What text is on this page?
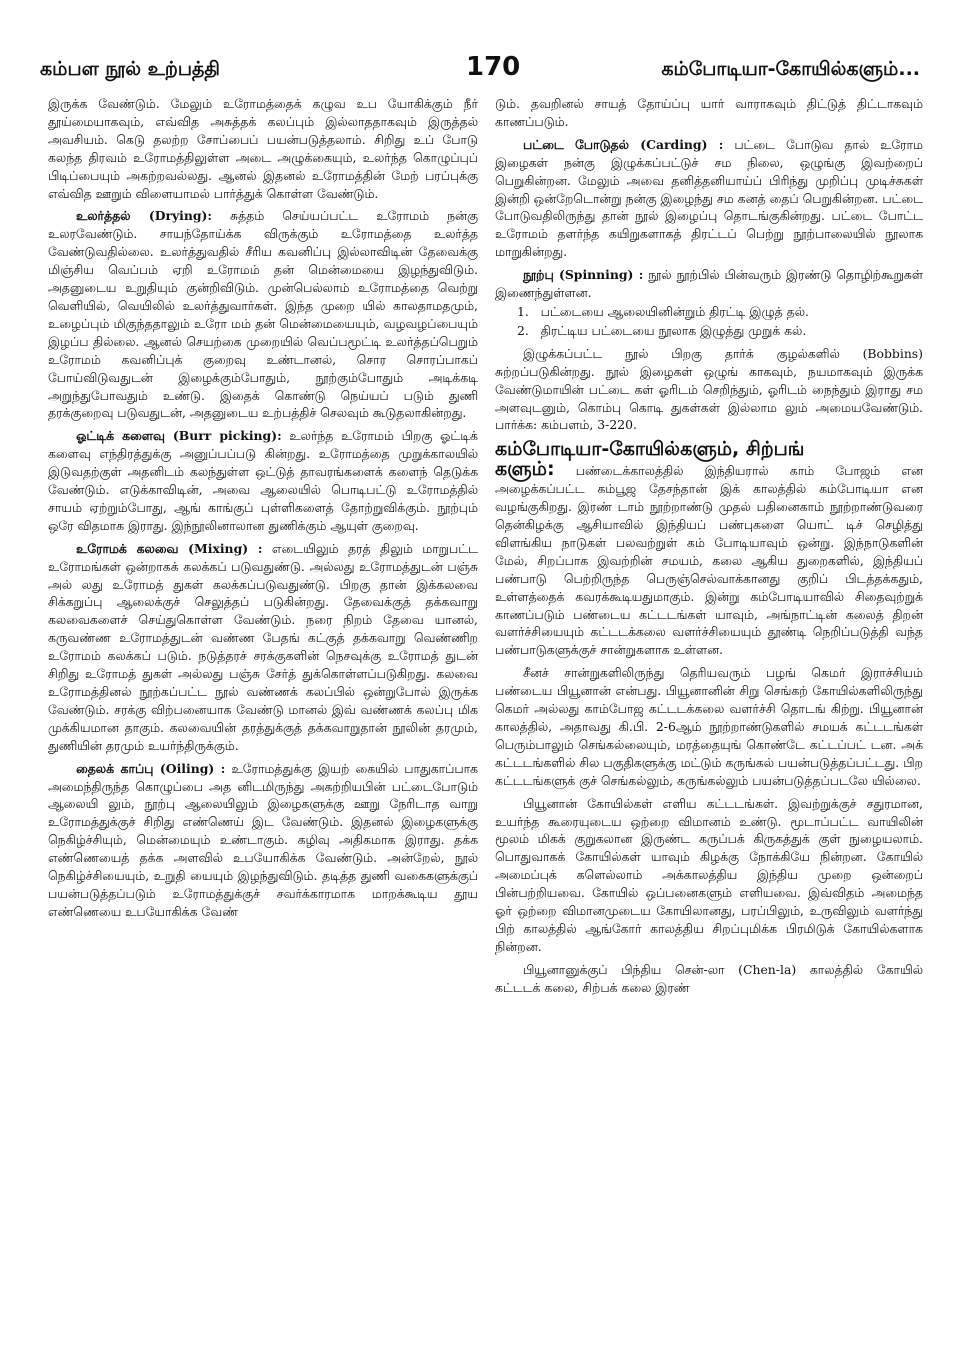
கம்பள நூல் உற்பத்தி	170	கம்போடியா-கோயில்களும்...

இருக்க வேண்டும். மேலும் உரோமத்தைக் கழுவ உப யோகிக்கும் நீர் தூய்மையாகவும், எவ்வித அசுத்தக் கலப்பும் இல்லாததாகவும் இருத்தல் அவசியம். கெடு தலற்ற சோப்பைப் பயன்படுத்தலாம். சிறிது உப் போடு கலந்த திரவம் உரோமத்திலுள்ள அடை அழுக்கையும், உலர்ந்த கொழுப்புப் பிடிப்பையும் அகற்றவல்லது. ஆனல் இதனல் உரோமத்தின் மேற் பரப்புக்கு எவ்வித ஊறும் விளையாமல் பார்த்துக் கொள்ள வேண்டும்.

உலர்த்தல் (Drying): சுத்தம் செய்யப்பட்ட உரோமம் நன்கு உலரவேண்டும். சாயந்தோய்க்க விருக்கும் உரோமத்தை உலர்த்த வேண்டுவதில்லை. உலர்த்துவதில் சீரிய கவனிப்பு இல்லாவிடின் தேவைக்கு மிஞ்சிய வெப்பம் ஏறி உரோமம் தன் மென்மையை இழந்துவிடும். அதனுடைய உறுதியும் குன்றிவிடும். முன்பெல்லாம் உரோமத்தை வெற்று வெளியில், வெயிலில் உலர்த்துவார்கள். இந்த முறை யில் காலதாமதமும், உழைப்பும் மிகுந்ததாலும் உரோ மம் தன் மென்மையையும், வழவழப்பையும் இழப்ப தில்லை. ஆனல் செயற்கை முறையில் வெப்பமூட்டி உலர்த்தப்பெறும் உரோமம் கவனிப்புக் குறைவு உண்டானல், சொர சொரப்பாகப் போய்விடுவதுடன் இழைக்கும்போதும், நூற்கும்போதும் அடிக்கடி அறுந்துபோவதும் உண்டு. இதைக் கொண்டு நெய்யப் படும் துணி தரக்குறைவு படுவதுடன், அதனுடைய உற்பத்திச் செலவும் கூடுதலாகின்றது.

ஓட்டிக் களைவு (Burr picking): உலர்ந்த உரோமம் பிறகு ஓட்டிக் களைவு எந்திரத்துக்கு அனுப்பப்படு கின்றது. உரோமத்தை முறுக்காலயில் இடுவதற்குள் அதனிடம் கலந்துள்ள ஒட்டுத் தாவரங்களைக் களைந் தெடுக்க வேண்டும். எடுக்காவிடின், அவை ஆலையில் பொடிபட்டு உரோமத்தில் சாயம் ஏற்றும்போது, ஆங் காங்குப் புள்ளிகளைத் தோற்றுவிக்கும். நூற்பும் ஒரே விதமாக இராது. இந்நூலினாலான துணிக்கும் ஆயுள் குறைவு.

உரோமக் கலவை (Mixing) : எடையிலும் தரத் திலும் மாறுபட்ட உரோமங்கள் ஒன்றாகக் கலக்கப் படுவதுண்டு. அல்லது உரோமத்துடன் பஞ்சு அல் லது உரோமத் துகள் கலக்கப்படுவதுண்டு. பிறகு தான் இக்கலவை சிக்கறுப்பு ஆலைக்குச் செலுத்தப் படுகின்றது. தேவைக்குத் தக்கவாறு கலவைகளைச் செய்துகொள்ள வேண்டும். நரை நிறம் தேவை யானல், கருவண்ண உரோமத்துடன் வண்ண பேதங் கட்குத் தக்கவாறு வெண்ணிற உரோமம் கலக்கப் படும். நடுத்தரச் சரக்குகளின் நெசவுக்கு உரோமத் துடன் சிறிது உரோமத் துகள் அல்லது பஞ்சு சேர்த் துக்கொள்ளப்படுகிறது. கலவை உரோமத்தினல் நூற்கப்பட்ட நூல் வண்ணக் கலப்பில் ஒன்றுபோல் இருக்க வேண்டும். சரக்கு விற்பனையாக வேண்டு மானல் இவ் வண்ணக் கலப்பு மிக முக்கியமான தாகும். கலவையின் தரத்துக்குத் தக்கவாறுதான் நூலின் தரமும், துணியின் தரமும் உயர்ந்திருக்கும்.

தைலக் காப்பு (Oiling) : உரோமத்துக்கு இயற் கையில் பாதுகாப்பாக அமைந்திருந்த கொழுப்பை அத னிடமிருந்து அகற்றியபின் பட்டைபோடும் ஆலையி லும், நூற்பு ஆலையிலும் இழைகளுக்கு ஊறு நேரிடாத வாறு உரோமத்துக்குச் சிறிது எண்ணெய் இட வேண்டும். இதனல் இழைகளுக்கு நெகிழ்ச்சியும், மென்மையும் உண்டாகும். கழிவு அதிகமாக இராது. தக்க எண்ணெயைத் தக்க அளவில் உபயோகிக்க வேண்டும். அன்றேல், நூல் நெகிழ்ச்சியையும், உறுதி யையும் இழந்துவிடும். தடித்த துணி வகைகளுக்குப் பயன்படுத்தப்படும் உரோமத்துக்குச் சவர்க்காரமாக மாறக்கூடிய தூய எண்ணெயை உபயோகிக்க வேண்

டும். தவறினல் சாயத் தோய்ப்பு யார் வாராகவும் திட்டுத் திட்டாகவும் காணப்படும்.

பட்டை போடுதல் (Carding) : பட்டை போடுவ தால் உரோம இழைகள் நன்கு இழுக்கப்பட்டுச் சம நிலை, ஒழுங்கு இவற்றைப் பெறுகின்றன. மேலும் அவை தனித்தனியாய்ப் பிரிந்து முறிப்பு முடிச்சுகள் இன்றி ஒன்றேடொன்று நன்கு இழைந்து சம கனத் தைப் பெறுகின்றன. பட்டை போடுவதிலிருந்து தான் நூல் இழைப்பு தொடங்குகின்றது. பட்டை போட்ட உரோமம் தளர்ந்த கயிறுகளாகத் திரட்டப் பெற்று நூற்பாலையில் நூலாக மாறுகின்றது.

நூற்பு (Spinning) : நூல் நூற்பில் பின்வரும் இரண்டு தொழிற்கூறுகள் இணைந்துள்ளன.

1. பட்டையை ஆலையினின்றும் திரட்டி இழுத் தல்.

2. திரட்டிய பட்டையை நூலாக இழுத்து முறுக் கல்.

இழுக்கப்பட்ட நூல் பிறகு தார்க் குழல்களில் (Bobbins) சுற்றப்படுகின்றது. நூல் இழைகள் ஒழுங் காகவும், நயமாகவும் இருக்க வேண்டுமாயின் பட்டை கள் ஓரிடம் செறிந்தும், ஓரிடம் நைந்தும் இராது சம அளவுடனும், கொம்பு கொடி துகள்கள் இல்லாம லும் அமையவேண்டும். பார்க்க: கம்பளம், 3-220.

கம்போடியா-கோயில்களும், சிற்பங்

களும்: பண்டைக்காலத்தில் இந்தியரால் காம் போஜம் என அழைக்கப்பட்ட கம்பூஜ தேசந்தான் இக் காலத்தில் கம்போடியா என வழங்குகிறது. இரண் டாம் நூற்றாண்டு முதல் பதினைகாம் நூற்றாண்டுவரை தென்கிழக்கு ஆசியாவில் இந்தியப் பண்புகளை யொட் டிச் செழித்து விளங்கிய நாடுகள் பலவற்றுள் கம் போடியாவும் ஒன்று. இந்நாடுகளின் மேல், சிறப்பாக இவற்றின் சமயம், கலை ஆகிய துறைகளில், இந்தியப் பண்பாடு பெற்றிருந்த பெருஞ்செல்வாக்கானது குறிப் பிடத்தக்கதும், உள்ளத்தைக் கவரக்கூடியதுமாகும். இன்று கம்போடியாவில் சிதைவுற்றுக் காணப்படும் பண்டைய கட்டடங்கள் யாவும், அங்நாட்டின் கலைத் திறன் வளர்ச்சியையும் கட்டடக்கலை வளர்ச்சியையும் தூண்டி நெறிப்படுத்தி வந்த பண்பாடுகளுக்குச் சான்றுகளாக உள்ளன.

சீனச் சான்றுகளிலிருந்து தெரியவரும் பழங் கெமர் இராச்சியம் பண்டைய பியூனான் என்பது. பியூனானின் சிறு செங்கற் கோயில்களிலிருந்து கெமர் அல்லது காம்போஜ கட்டடக்கலை வளர்ச்சி தொடங் கிற்று. பியூனான் காலத்தில், அதாவது கி.பி. 2-6ஆம் நூற்றாண்டுகளில் சமயக் கட்டடங்கள் பெரும்பாலும் செங்கல்லையும், மரத்தையுங் கொண்டே கட்டப்பட் டன. அக் கட்டடங்களில் சில பகுதிகளுக்கு மட்டும் கருங்கல் பயன்படுத்தப்பட்டது. பிற கட்டடங்களுக் குச் செங்கல்லும், கருங்கல்லும் பயன்படுத்தப்படலே யில்லை.

பியூனான் கோயில்கள் எளிய கட்டடங்கள். இவற்றுக்குச் சதுரமான, உயர்ந்த கூரையுடைய ஒற்றை விமானம் உண்டு. மூடாப்பட்ட வாயிலின் மூலம் மிகக் குறுகலான இருண்ட கருப்பக் கிருகத்துக் குள் நுழையலாம். பொதுவாகக் கோயில்கள் யாவும் கிழக்கு நோக்கியே நின்றன. கோயில் அமைப்புக் களெல்லாம் அக்காலத்திய இந்திய முறை ஒன்றைப் பின்பற்றியவை. கோயில் ஒப்பனைகளும் எளியவை. இவ்விதம் அமைந்த ஓர் ஒற்றை விமானமுடைய கோயிலானது, பரப்பிலும், உருவிலும் வளர்ந்து பிற் காலத்தில் ஆங்கோர் காலத்திய சிறப்புமிக்க பிரமிடுக் கோயில்களாக நின்றன.

பியூனானுக்குப் பிந்திய சென்-லா (Chen-la) காலத்தில் கோயில் கட்டடக் கலை, சிற்பக் கலை இரண்
